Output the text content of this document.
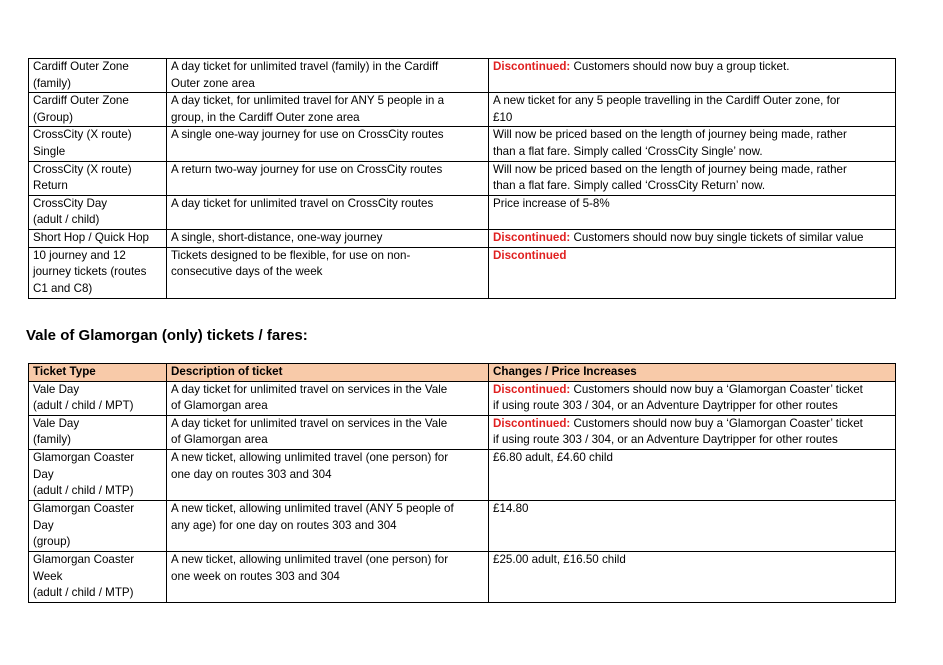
Cardiff Outer Zone
(family)	A day ticket for unlimited travel (family) in the Cardiff
Outer zone area	Discontinued: Customers should now buy a group ticket.

Cardiff Outer Zone
(Group)	A day ticket, for unlimited travel for ANY 5 people in a
group, in the Cardiff Outer zone area	A new ticket for any 5 people travelling in the Cardiff Outer zone, for
£10

CrossCity (X route)
Single	A single one-way journey for use on CrossCity routes	Will now be priced based on the length of journey being made, rather
than a flat fare. Simply called ‘CrossCity Single’ now.

CrossCity (X route)
Return	A return two-way journey for use on CrossCity routes	Will now be priced based on the length of journey being made, rather
than a flat fare. Simply called ‘CrossCity Return’ now.

CrossCity Day
(adult / child)	A day ticket for unlimited travel on CrossCity routes	Price increase of 5-8%

Short Hop / Quick Hop	A single, short-distance, one-way journey	Discontinued: Customers should now buy single tickets of similar value

10 journey and 12
journey tickets (routes
C1 and C8)	Tickets designed to be flexible, for use on non-
consecutive days of the week	Discontinued
Vale of Glamorgan (only) tickets / fares:
Ticket Type	Description of ticket	Changes / Price Increases

Vale Day
(adult / child / MPT)	A day ticket for unlimited travel on services in the Vale
of Glamorgan area	Discontinued: Customers should now buy a ‘Glamorgan Coaster’ ticket
if using route 303 / 304, or an Adventure Daytripper for other routes

Vale Day
(family)	A day ticket for unlimited travel on services in the Vale
of Glamorgan area	Discontinued: Customers should now buy a ‘Glamorgan Coaster’ ticket
if using route 303 / 304, or an Adventure Daytripper for other routes

Glamorgan Coaster
Day
(adult / child / MTP)	A new ticket, allowing unlimited travel (one person) for
one day on routes 303 and 304	£6.80 adult, £4.60 child

Glamorgan Coaster
Day
(group)	A new ticket, allowing unlimited travel (ANY 5 people of
any age) for one day on routes 303 and 304	£14.80

Glamorgan Coaster
Week
(adult / child / MTP)	A new ticket, allowing unlimited travel (one person) for
one week on routes 303 and 304	£25.00 adult, £16.50 child
